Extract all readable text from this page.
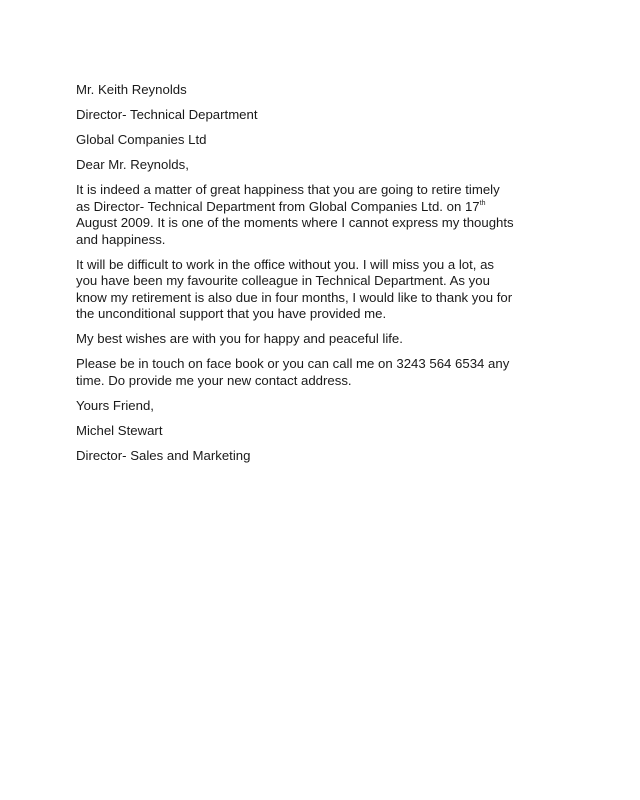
Mr. Keith Reynolds

Director- Technical Department

Global Companies Ltd

Dear Mr. Reynolds,

It is indeed a matter of great happiness that you are going to retire timely
as Director- Technical Department from Global Companies Ltd. on 17th
August 2009. It is one of the moments where I cannot express my thoughts
and happiness.
It will be difficult to work in the office without you. I will miss you a lot, as
you have been my favourite colleague in Technical Department. As you
know my retirement is also due in four months, I would like to thank you for
the unconditional support that you have provided me.
My best wishes are with you for happy and peaceful life.
Please be in touch on face book or you can call me on 3243 564 6534 any
time. Do provide me your new contact address.

Yours Friend,

Michel Stewart

Director- Sales and Marketing
